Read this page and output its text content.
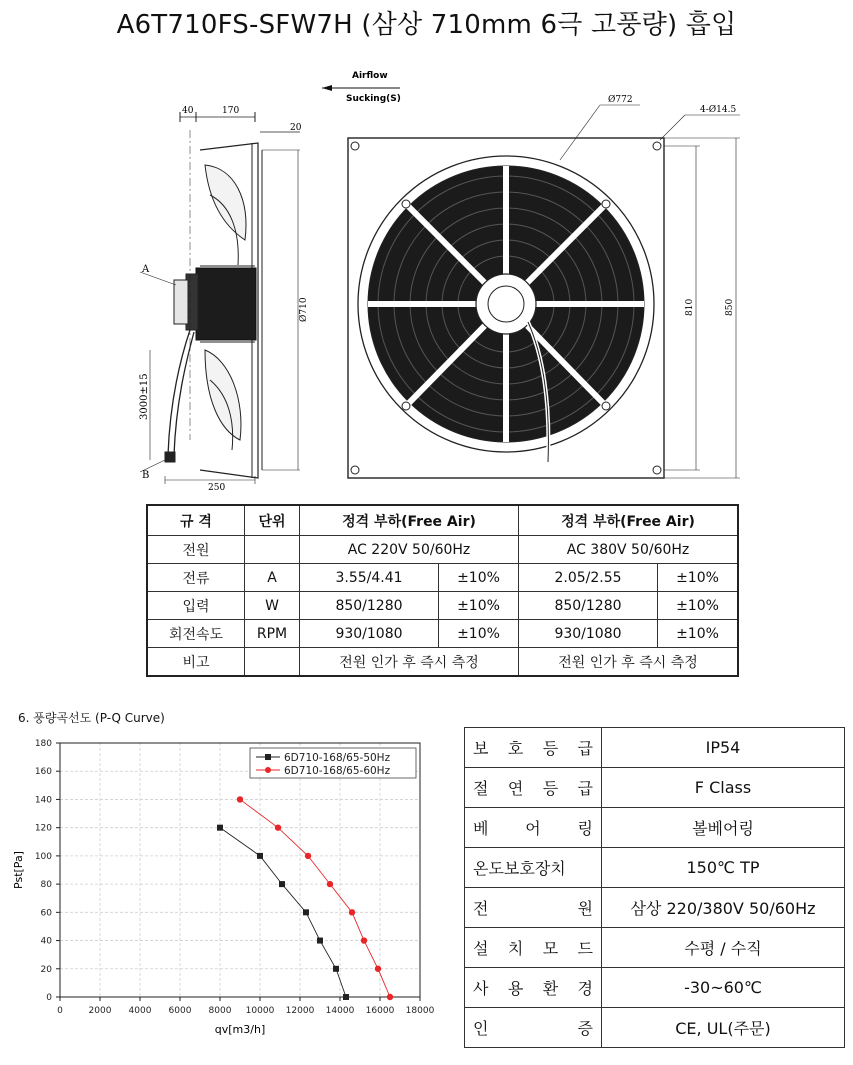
A6T710FS-SFW7H (삼상 710mm 6극 고풍량) 흡입
Airflow
Sucking(S)
40	170
20
Ø710
3000±15
250
A
B
Ø772
4-Ø14.5
810	850
규 격	단위	정격 부하(Free Air)		정격 부하(Free Air)	
전원		AC 220V 50/60Hz		AC 380V 50/60Hz	
전류	A	3.55/4.41	±10%	2.05/2.55	±10%
입력	W	850/1280	±10%	850/1280	±10%
회전속도	RPM	930/1080	±10%	930/1080	±10%
비고		전원 인가 후 즉시 측정		전원 인가 후 즉시 측정	
6. 풍량곡선도 (P-Q Curve)
0	2000 4000 6000 8000 10000 12000 14000 16000 18000
0
20
40
60
80
100
120
140
160
180
6D710-168/65-50Hz
6D710-168/65-60Hz
qv[m3/h]
Pst[Pa]
보 호 등 급	IP54

절 연 등 급	F Class

베 어 링	볼베어링

온도보호장치	150℃ TP

전 원	삼상 220/380V 50/60Hz

설 치 모 드	수평 / 수직

사 용 환 경	-30~60℃

인 증	CE, UL(주문)
